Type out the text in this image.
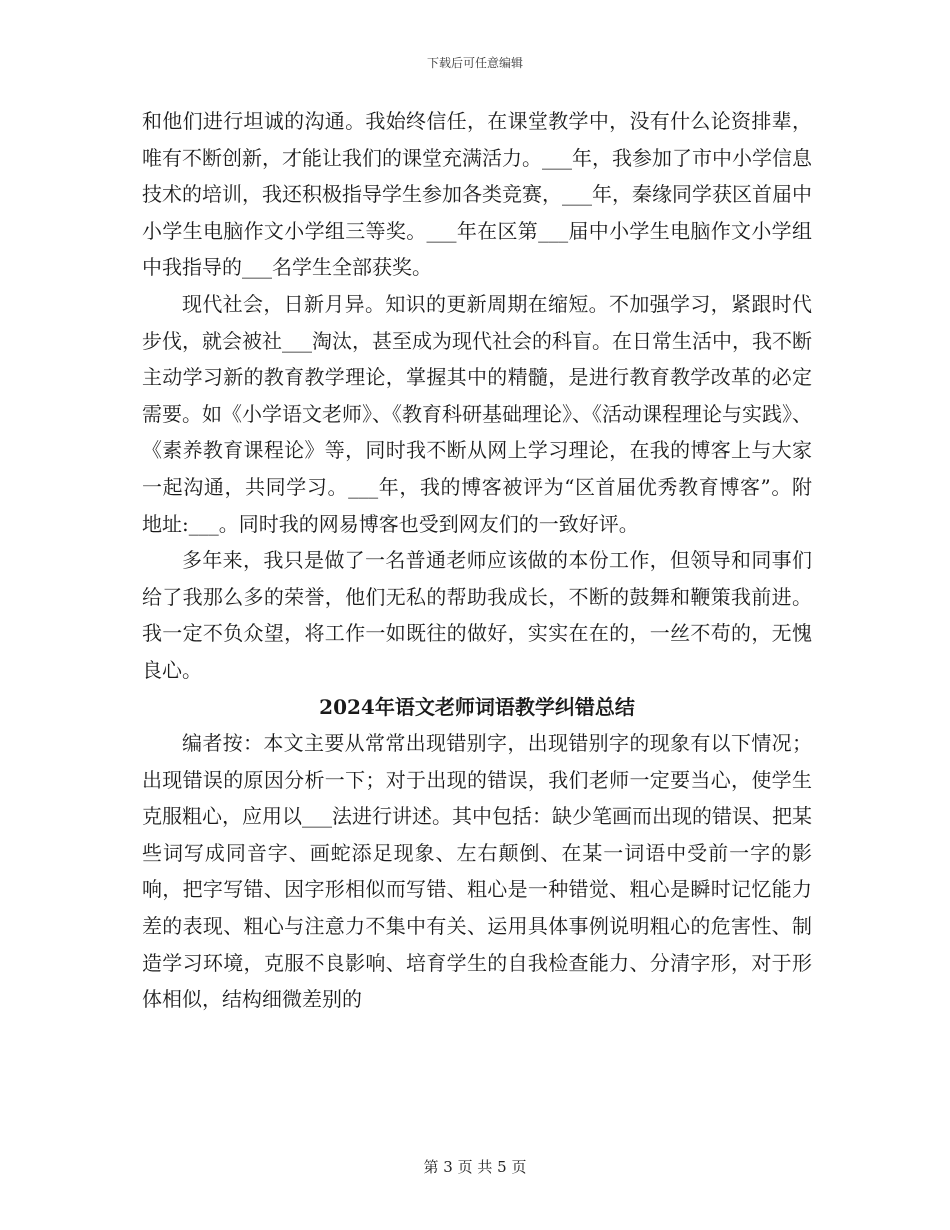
下载后可任意编辑

和他们进行坦诚的沟通。我始终信任，在课堂教学中，没有什么论资排辈，唯有不断创新，才能让我们的课堂充满活力。___年，我参加了市中小学信息技术的培训，我还积极指导学生参加各类竞赛，___年，秦缘同学获区首届中小学生电脑作文小学组三等奖。___年在区第___届中小学生电脑作文小学组中我指导的___名学生全部获奖。

现代社会，日新月异。知识的更新周期在缩短。不加强学习，紧跟时代步伐，就会被社___淘汰，甚至成为现代社会的科盲。在日常生活中，我不断主动学习新的教育教学理论，掌握其中的精髓，是进行教育教学改革的必定需要。如《小学语文老师》、《教育科研基础理论》、《活动课程理论与实践》、《素养教育课程论》等，同时我不断从网上学习理论，在我的博客上与大家一起沟通，共同学习。___年，我的博客被评为“区首届优秀教育博客”。附地址:___。同时我的网易博客也受到网友们的一致好评。

多年来，我只是做了一名普通老师应该做的本份工作，但领导和同事们给了我那么多的荣誉，他们无私的帮助我成长，不断的鼓舞和鞭策我前进。我一定不负众望，将工作一如既往的做好，实实在在的，一丝不苟的，无愧良心。

2024年语文老师词语教学纠错总结

编者按：本文主要从常常出现错别字，出现错别字的现象有以下情况；出现错误的原因分析一下；对于出现的错误，我们老师一定要当心，使学生克服粗心，应用以___法进行讲述。其中包括：缺少笔画而出现的错误、把某些词写成同音字、画蛇添足现象、左右颠倒、在某一词语中受前一字的影响，把字写错、因字形相似而写错、粗心是一种错觉、粗心是瞬时记忆能力差的表现、粗心与注意力不集中有关、运用具体事例说明粗心的危害性、制造学习环境，克服不良影响、培育学生的自我检查能力、分清字形，对于形体相似，结构细微差别的

第 3 页 共 5 页
